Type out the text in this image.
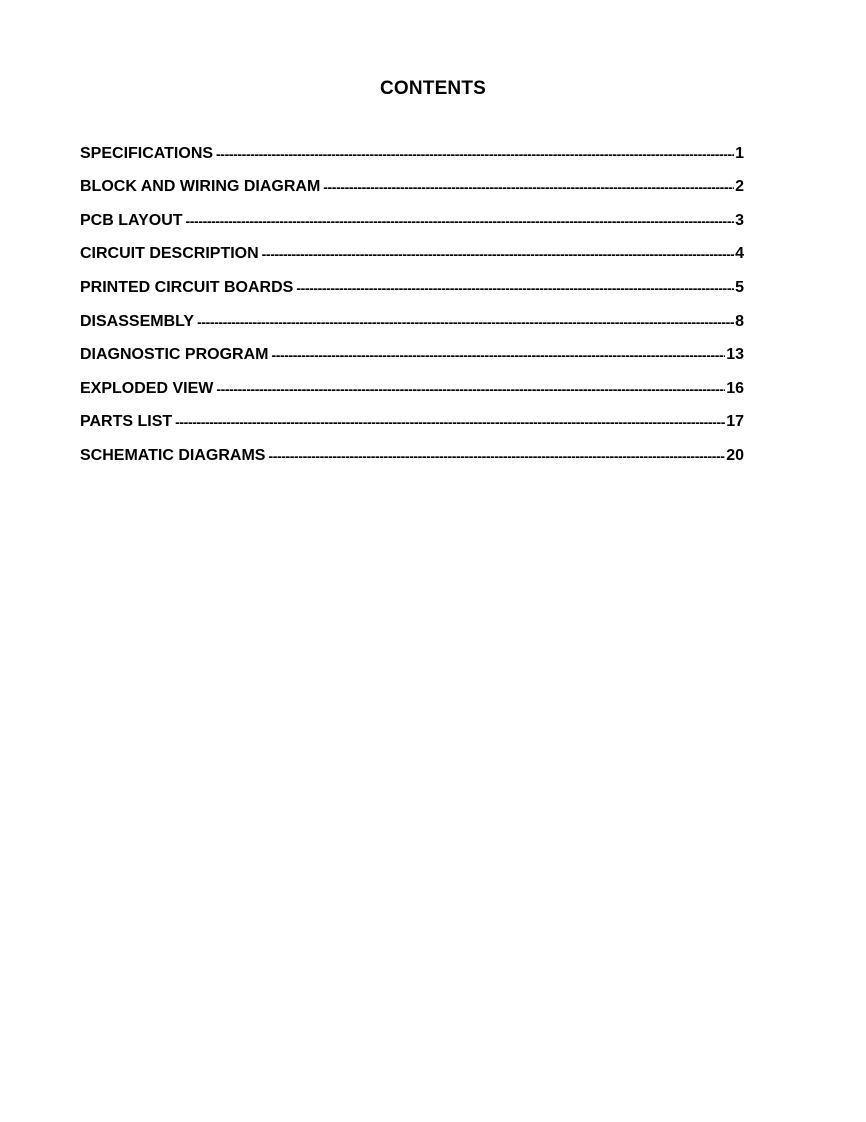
CONTENTS
SPECIFICATIONS -----	1
BLOCK AND WIRING DIAGRAM -----	2
PCB LAYOUT -----	3
CIRCUIT DESCRIPTION -----	4
PRINTED CIRCUIT BOARDS -----	5
DISASSEMBLY -----	8
DIAGNOSTIC PROGRAM -----	13
EXPLODED VIEW -----	16
PARTS LIST -----	17
SCHEMATIC DIAGRAMS -----	20
